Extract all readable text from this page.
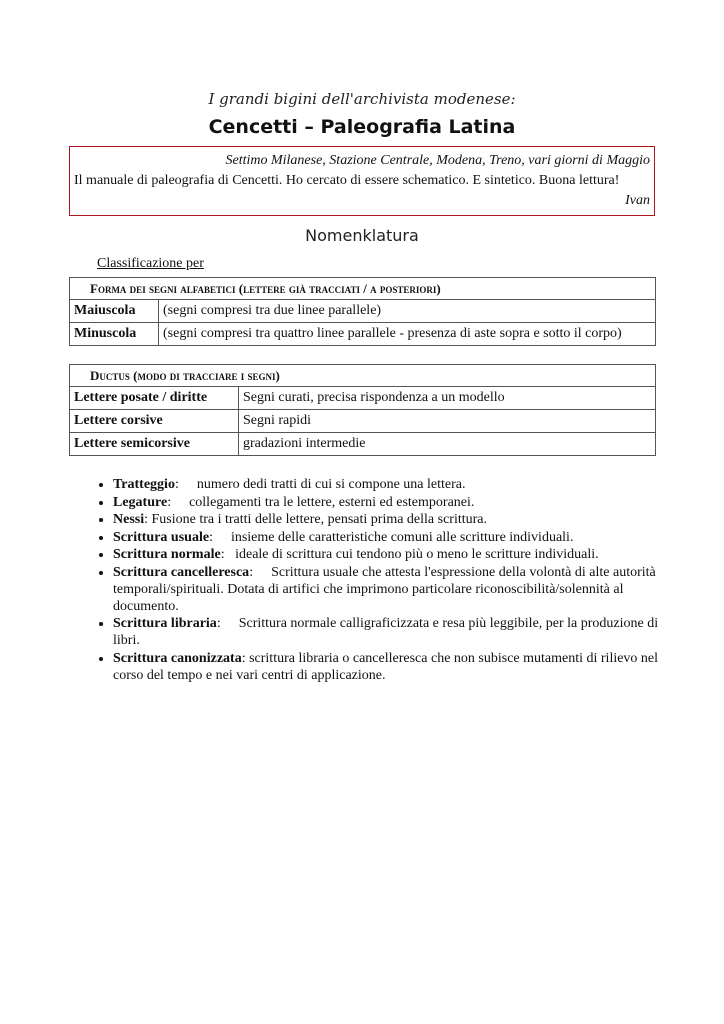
I grandi bigini dell'archivista modenese:
Cencetti – Paleografia Latina
Settimo Milanese, Stazione Centrale, Modena, Treno, vari giorni di Maggio
Il manuale di paleografia di Cencetti. Ho cercato di essere schematico. E sintetico. Buona lettura!
Ivan
Nomenklatura
Classificazione per
Forma dei segni alfabetici (lettere già tracciati / a posteriori)	
Maiuscola	(segni compresi tra due linee parallele)
Minuscola	(segni compresi tra quattro linee parallele - presenza di aste sopra e sotto il corpo)
Ductus (modo di tracciare i segni)	
Lettere posate / diritte	Segni curati, precisa rispondenza a un modello
Lettere corsive	Segni rapidi
Lettere semicorsive	gradazioni intermedie
• Tratteggio: numero dedi tratti di cui si compone una lettera.
• Legature: collegamenti tra le lettere, esterni ed estemporanei.
• Nessi: Fusione tra i tratti delle lettere, pensati prima della scrittura.
• Scrittura usuale: insieme delle caratteristiche comuni alle scritture individuali.
• Scrittura normale: ideale di scrittura cui tendono più o meno le scritture individuali.
• Scrittura cancelleresca: Scrittura usuale che attesta l'espressione della volontà di alte autorità temporali/spirituali. Dotata di artifici che imprimono particolare riconoscibilità/solennità al documento.
• Scrittura libraria: Scrittura normale calligraficizzata e resa più leggibile, per la produzione di libri.
• Scrittura canonizzata: scrittura libraria o cancelleresca che non subisce mutamenti di rilievo nel corso del tempo e nei vari centri di applicazione.
